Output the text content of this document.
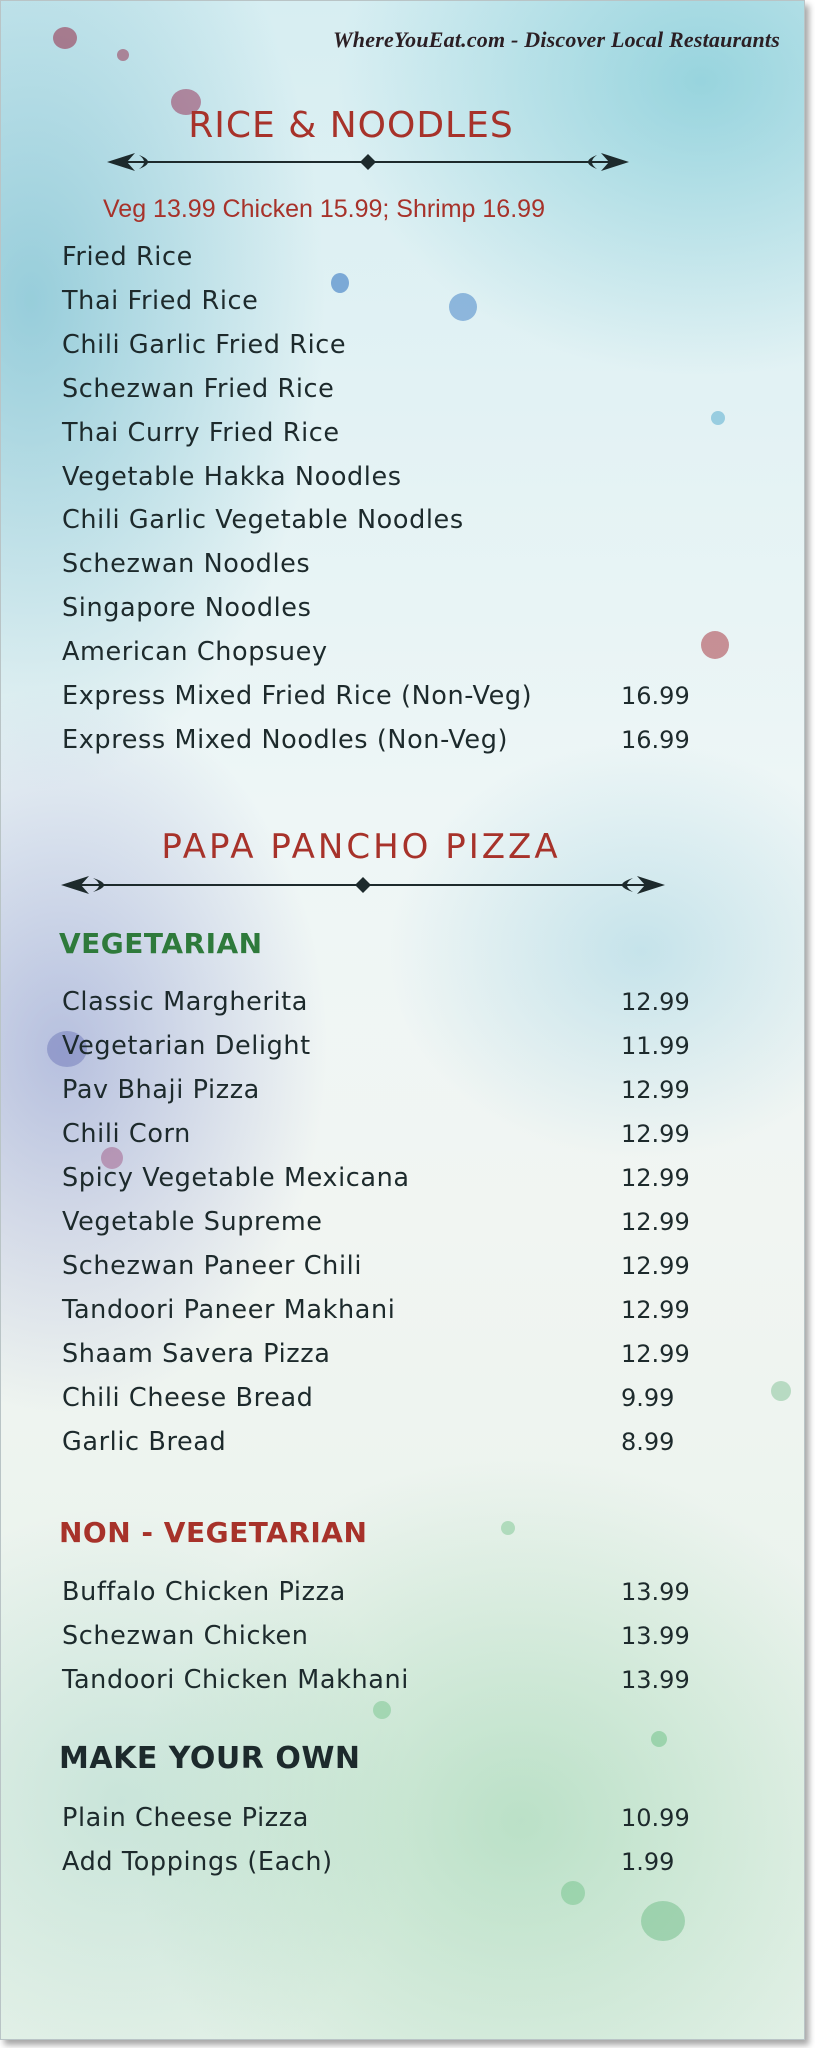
WhereYouEat.com - Discover Local Restaurants
RICE & NOODLES
Veg 13.99 Chicken 15.99; Shrimp 16.99
Fried Rice
Thai Fried Rice
Chili Garlic Fried Rice
Schezwan Fried Rice
Thai Curry Fried Rice
Vegetable Hakka Noodles
Chili Garlic Vegetable Noodles
Schezwan Noodles
Singapore Noodles
American Chopsuey
Express Mixed Fried Rice (Non-Veg)	16.99
Express Mixed Noodles (Non-Veg)	16.99
PAPA PANCHO PIZZA
VEGETARIAN
Classic Margherita	12.99
Vegetarian Delight	11.99
Pav Bhaji Pizza	12.99
Chili Corn	12.99
Spicy Vegetable Mexicana	12.99
Vegetable Supreme	12.99
Schezwan Paneer Chili	12.99
Tandoori Paneer Makhani	12.99
Shaam Savera Pizza	12.99
Chili Cheese Bread	9.99
Garlic Bread	8.99
NON - VEGETARIAN
Buffalo Chicken Pizza	13.99
Schezwan Chicken	13.99
Tandoori Chicken Makhani	13.99
MAKE YOUR OWN
Plain Cheese Pizza	10.99
Add Toppings (Each)	1.99
